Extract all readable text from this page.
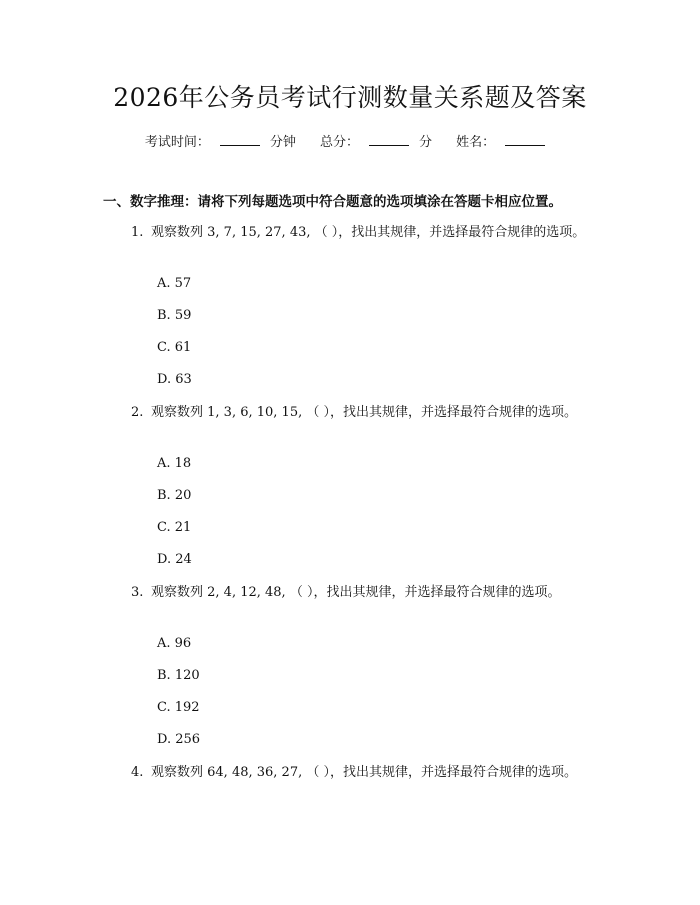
2026年公务员考试行测数量关系题及答案
考试时间：	分钟 总分：	分 姓名：
一、数字推理：请将下列每题选项中符合题意的选项填涂在答题卡相应位置。
1. 观察数列 3, 7, 15, 27, 43, （ ），找出其规律，并选择最符合规律的选项。
A. 57
B. 59
C. 61
D. 63
2. 观察数列 1, 3, 6, 10, 15, （ ），找出其规律，并选择最符合规律的选项。
A. 18
B. 20
C. 21
D. 24
3. 观察数列 2, 4, 12, 48, （ ），找出其规律，并选择最符合规律的选项。
A. 96
B. 120
C. 192
D. 256
4. 观察数列 64, 48, 36, 27, （ ），找出其规律，并选择最符合规律的选项。
